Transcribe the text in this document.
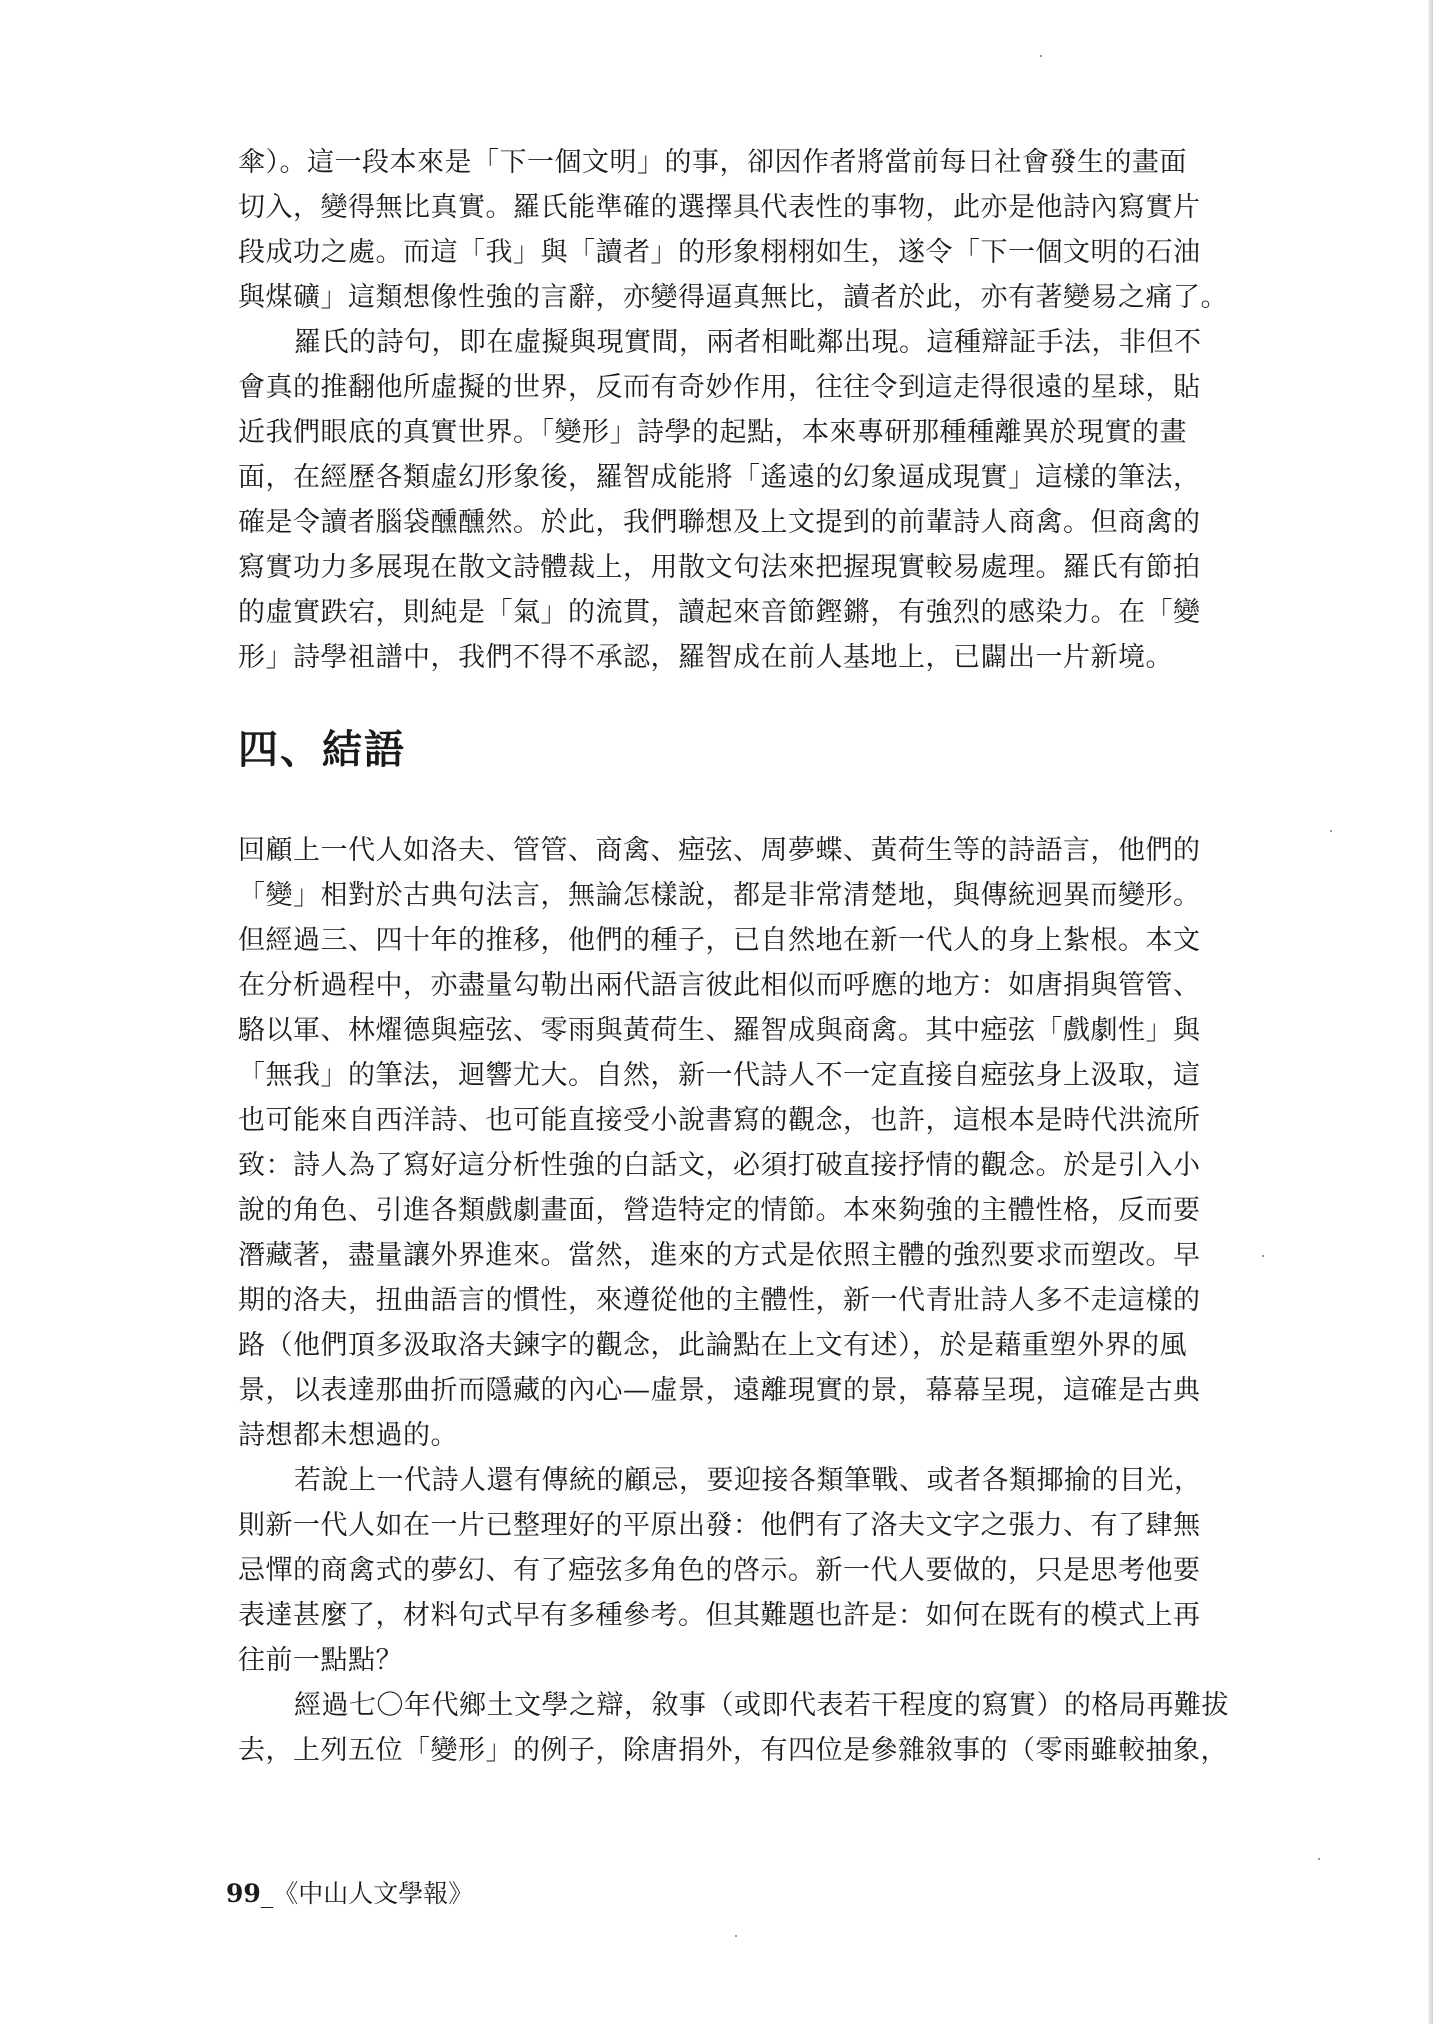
傘）。這一段本來是「下一個文明」的事，卻因作者將當前每日社會發生的畫面
切入，變得無比真實。羅氏能準確的選擇具代表性的事物，此亦是他詩內寫實片
段成功之處。而這「我」與「讀者」的形象栩栩如生，遂令「下一個文明的石油
與煤礦」這類想像性強的言辭，亦變得逼真無比，讀者於此，亦有著變易之痛了。

羅氏的詩句，即在虛擬與現實間，兩者相毗鄰出現。這種辯証手法，非但不
會真的推翻他所虛擬的世界，反而有奇妙作用，往往令到這走得很遠的星球，貼
近我們眼底的真實世界。「變形」詩學的起點，本來專研那種種離異於現實的畫
面，在經歷各類虛幻形象後，羅智成能將「遙遠的幻象逼成現實」這樣的筆法，
確是令讀者腦袋醺醺然。於此，我們聯想及上文提到的前輩詩人商禽。但商禽的
寫實功力多展現在散文詩體裁上，用散文句法來把握現實較易處理。羅氏有節拍
的虛實跌宕，則純是「氣」的流貫，讀起來音節鏗鏘，有強烈的感染力。在「變
形」詩學祖譜中，我們不得不承認，羅智成在前人基地上，已闢出一片新境。

四、結語

回顧上一代人如洛夫、管管、商禽、瘂弦、周夢蝶、黃荷生等的詩語言，他們的
「變」相對於古典句法言，無論怎樣說，都是非常清楚地，與傳統迥異而變形。
但經過三、四十年的推移，他們的種子，已自然地在新一代人的身上紮根。本文
在分析過程中，亦盡量勾勒出兩代語言彼此相似而呼應的地方：如唐捐與管管、
駱以軍、林燿德與瘂弦、零雨與黃荷生、羅智成與商禽。其中瘂弦「戲劇性」與
「無我」的筆法，迴響尤大。自然，新一代詩人不一定直接自瘂弦身上汲取，這
也可能來自西洋詩、也可能直接受小說書寫的觀念，也許，這根本是時代洪流所
致：詩人為了寫好這分析性強的白話文，必須打破直接抒情的觀念。於是引入小
說的角色、引進各類戲劇畫面，營造特定的情節。本來夠強的主體性格，反而要
潛藏著，盡量讓外界進來。當然，進來的方式是依照主體的強烈要求而塑改。早
期的洛夫，扭曲語言的慣性，來遵從他的主體性，新一代青壯詩人多不走這樣的
路（他們頂多汲取洛夫鍊字的觀念，此論點在上文有述），於是藉重塑外界的風
景，以表達那曲折而隱藏的內心—虛景，遠離現實的景，幕幕呈現，這確是古典
詩想都未想過的。

若說上一代詩人還有傳統的顧忌，要迎接各類筆戰、或者各類揶揄的目光，
則新一代人如在一片已整理好的平原出發：他們有了洛夫文字之張力、有了肆無
忌憚的商禽式的夢幻、有了瘂弦多角色的啓示。新一代人要做的，只是思考他要
表達甚麼了，材料句式早有多種參考。但其難題也許是：如何在既有的模式上再
往前一點點？

經過七〇年代鄉土文學之辯，敘事（或即代表若干程度的寫實）的格局再難拔
去，上列五位「變形」的例子，除唐捐外，有四位是參雜敘事的（零雨雖較抽象，

99_《中山人文學報》
